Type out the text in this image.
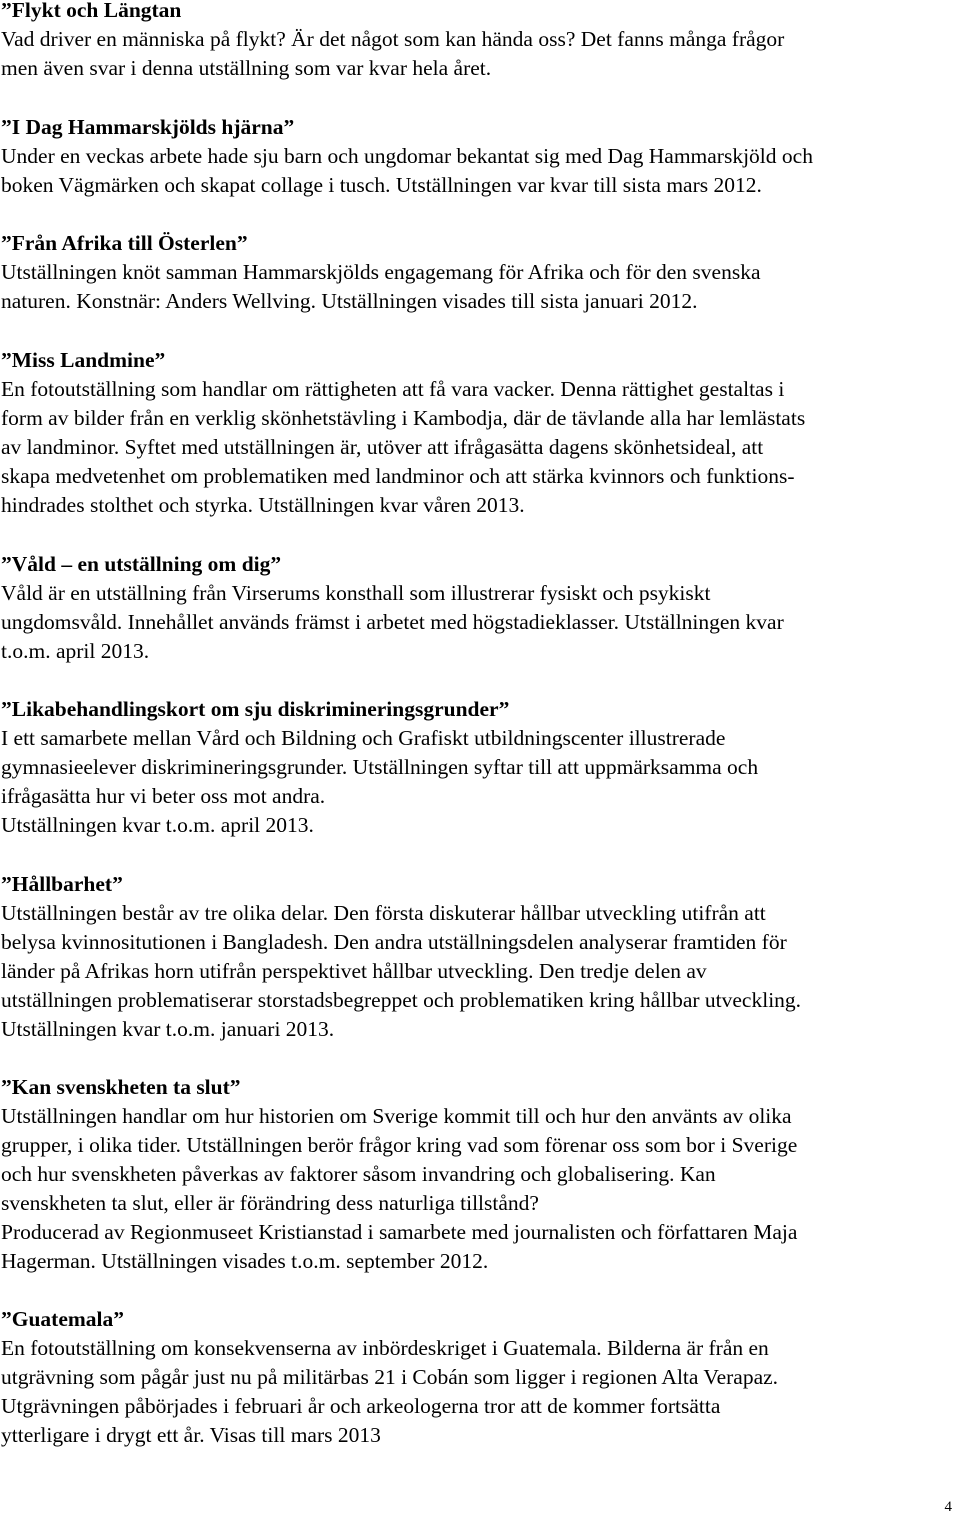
”Flykt och Längtan

Vad driver en människa på flykt? Är det något som kan hända oss? Det fanns många frågor
men även svar i denna utställning som var kvar hela året.

”I Dag Hammarskjölds hjärna”

Under en veckas arbete hade sju barn och ungdomar bekantat sig med Dag Hammarskjöld och
boken Vägmärken och skapat collage i tusch. Utställningen var kvar till sista mars 2012.

”Från Afrika till Österlen”

Utställningen knöt samman Hammarskjölds engagemang för Afrika och för den svenska
naturen. Konstnär: Anders Wellving. Utställningen visades till sista januari 2012.

”Miss Landmine”

En fotoutställning som handlar om rättigheten att få vara vacker. Denna rättighet gestaltas i
form av bilder från en verklig skönhetstävling i Kambodja, där de tävlande alla har lemlästats
av landminor. Syftet med utställningen är, utöver att ifrågasätta dagens skönhetsideal, att
skapa medvetenhet om problematiken med landminor och att stärka kvinnors och funktions-
hindrades stolthet och styrka. Utställningen kvar våren 2013.

”Våld – en utställning om dig”

Våld är en utställning från Virserums konsthall som illustrerar fysiskt och psykiskt
ungdomsvåld. Innehållet används främst i arbetet med högstadieklasser. Utställningen kvar
t.o.m. april 2013.

”Likabehandlingskort om sju diskrimineringsgrunder”

I ett samarbete mellan Vård och Bildning och Grafiskt utbildningscenter illustrerade
gymnasieelever diskrimineringsgrunder. Utställningen syftar till att uppmärksamma och
ifrågasätta hur vi beter oss mot andra.
Utställningen kvar t.o.m. april 2013.

”Hållbarhet”

Utställningen består av tre olika delar. Den första diskuterar hållbar utveckling utifrån att
belysa kvinnositutionen i Bangladesh. Den andra utställningsdelen analyserar framtiden för
länder på Afrikas horn utifrån perspektivet hållbar utveckling. Den tredje delen av
utställningen problematiserar storstadsbegreppet och problematiken kring hållbar utveckling.
Utställningen kvar t.o.m. januari 2013.

”Kan svenskheten ta slut”

Utställningen handlar om hur historien om Sverige kommit till och hur den använts av olika
grupper, i olika tider. Utställningen berör frågor kring vad som förenar oss som bor i Sverige
och hur svenskheten påverkas av faktorer såsom invandring och globalisering. Kan
svenskheten ta slut, eller är förändring dess naturliga tillstånd?
Producerad av Regionmuseet Kristianstad i samarbete med journalisten och författaren Maja
Hagerman. Utställningen visades t.o.m. september 2012.

”Guatemala”

En fotoutställning om konsekvenserna av inbördeskriget i Guatemala. Bilderna är från en
utgrävning som pågår just nu på militärbas 21 i Cobán som ligger i regionen Alta Verapaz.
Utgrävningen påbörjades i februari år och arkeologerna tror att de kommer fortsätta
ytterligare i drygt ett år. Visas till mars 2013

4
